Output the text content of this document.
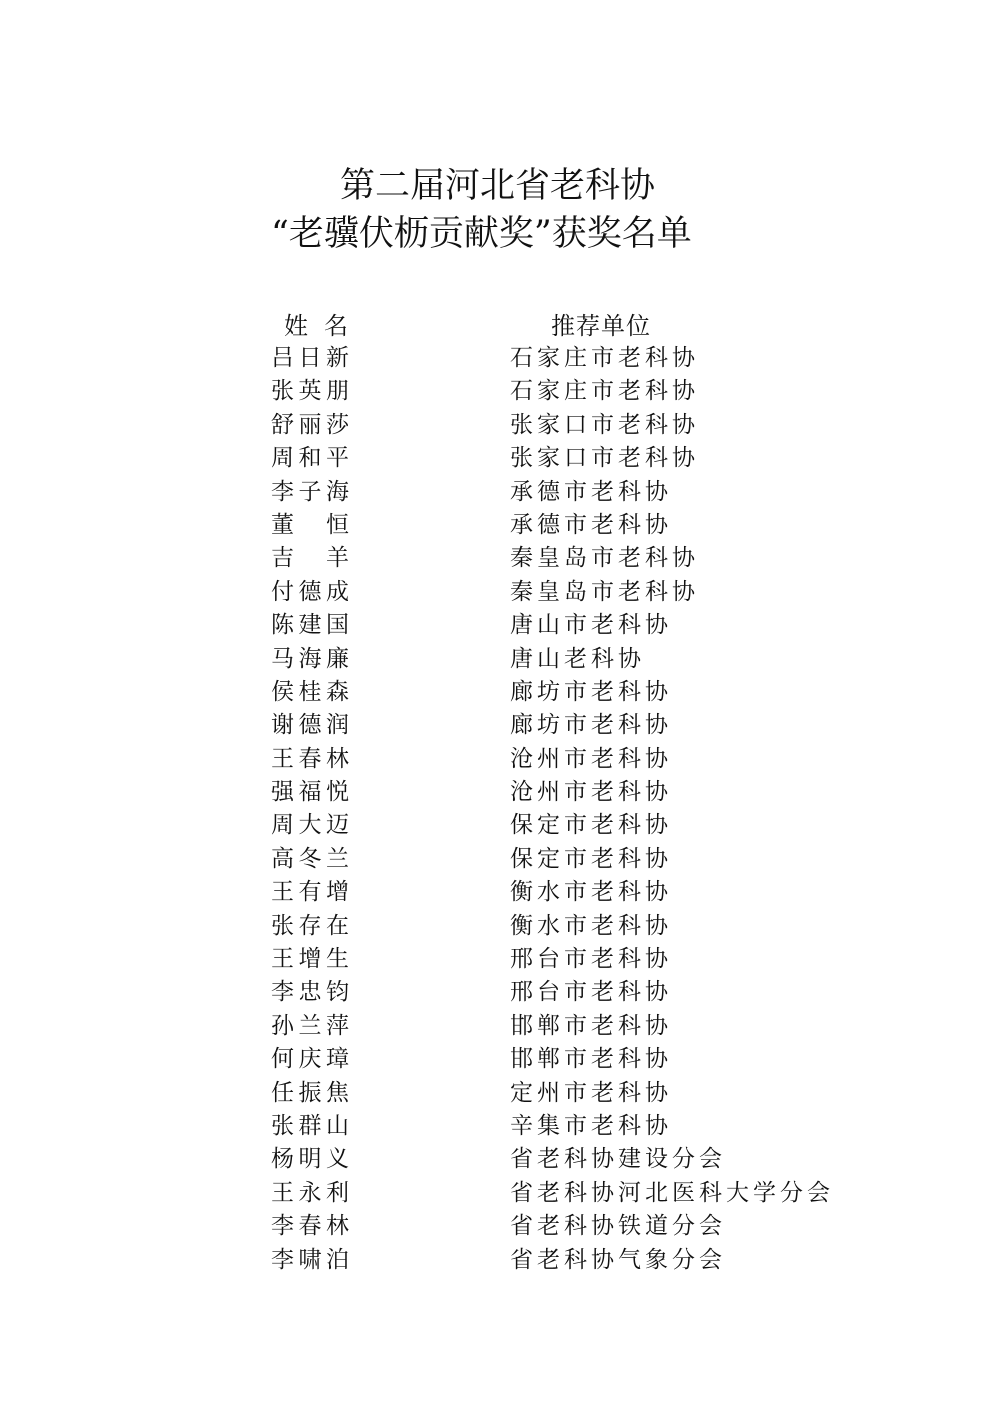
第二届河北省老科协
“老骥伏枥贡献奖”获奖名单
姓名	推荐单位
吕日新	石家庄市老科协
张英朋	石家庄市老科协
舒丽莎	张家口市老科协
周和平	张家口市老科协
李子海	承德市老科协
董恒	承德市老科协
吉羊	秦皇岛市老科协
付德成	秦皇岛市老科协
陈建国	唐山市老科协
马海廉	唐山老科协
侯桂森	廊坊市老科协
谢德润	廊坊市老科协
王春林	沧州市老科协
强福悦	沧州市老科协
周大迈	保定市老科协
高冬兰	保定市老科协
王有增	衡水市老科协
张存在	衡水市老科协
王增生	邢台市老科协
李忠钧	邢台市老科协
孙兰萍	邯郸市老科协
何庆璋	邯郸市老科协
任振焦	定州市老科协
张群山	辛集市老科协
杨明义	省老科协建设分会
王永利	省老科协河北医科大学分会
李春林	省老科协铁道分会
李啸泊	省老科协气象分会
